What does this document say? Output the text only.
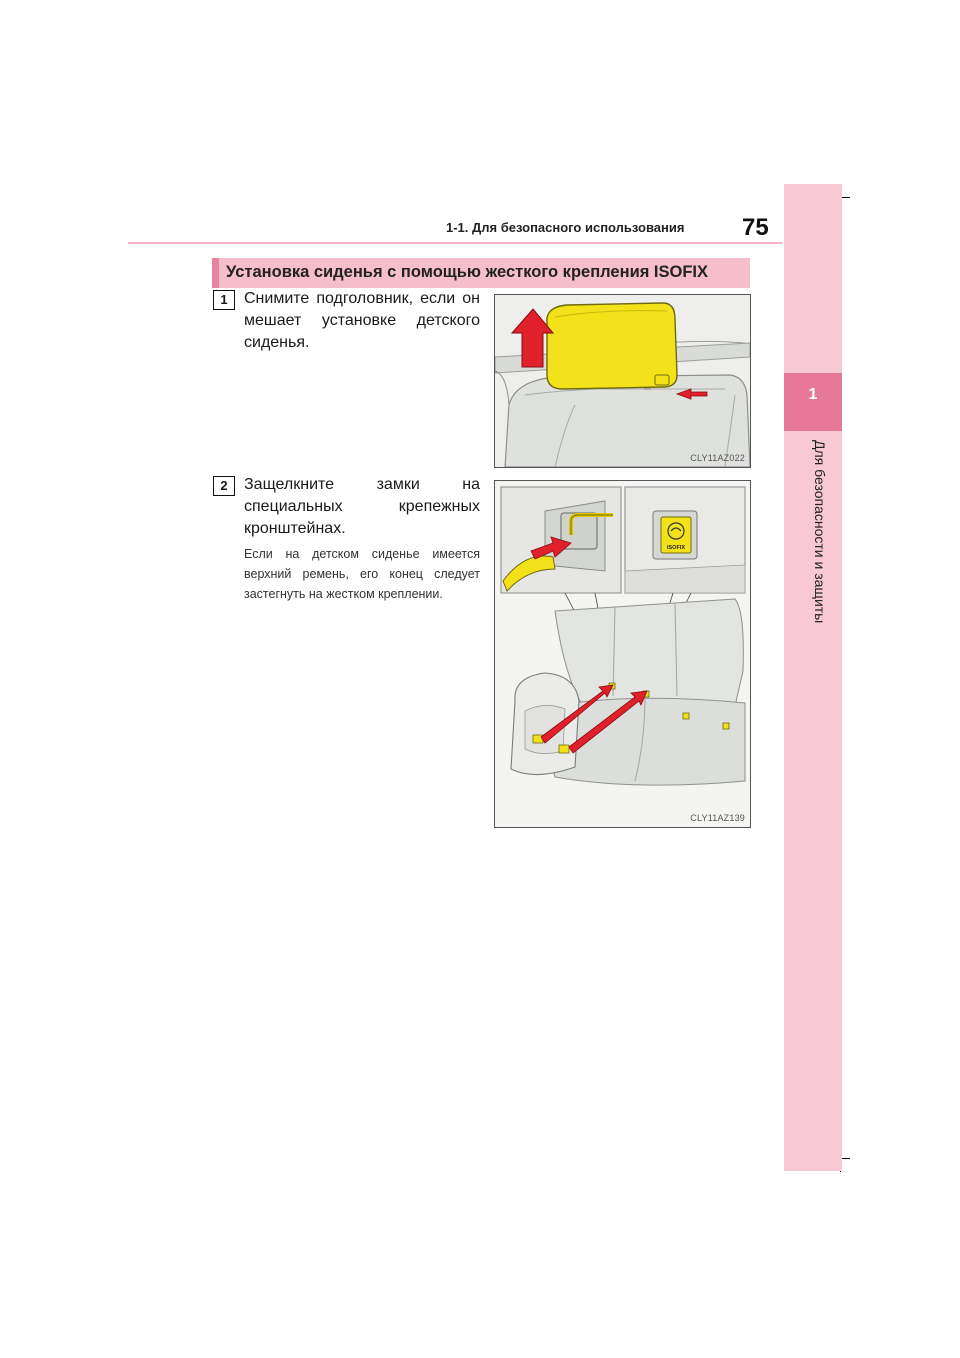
1
Для безопасности и защиты
1-1. Для безопасного использования 75
Установка сиденья с помощью жесткого крепления ISOFIX
1	Снимите подголовник, если он мешает установке детского сиденья.
CLY11AZ022
2	Защелкните замки на специальных крепежных кронштейнах.
Если на детском сиденье имеется верхний ремень, его конец следует застегнуть на жестком креплении.
ISOFIX
CLY11AZ139
